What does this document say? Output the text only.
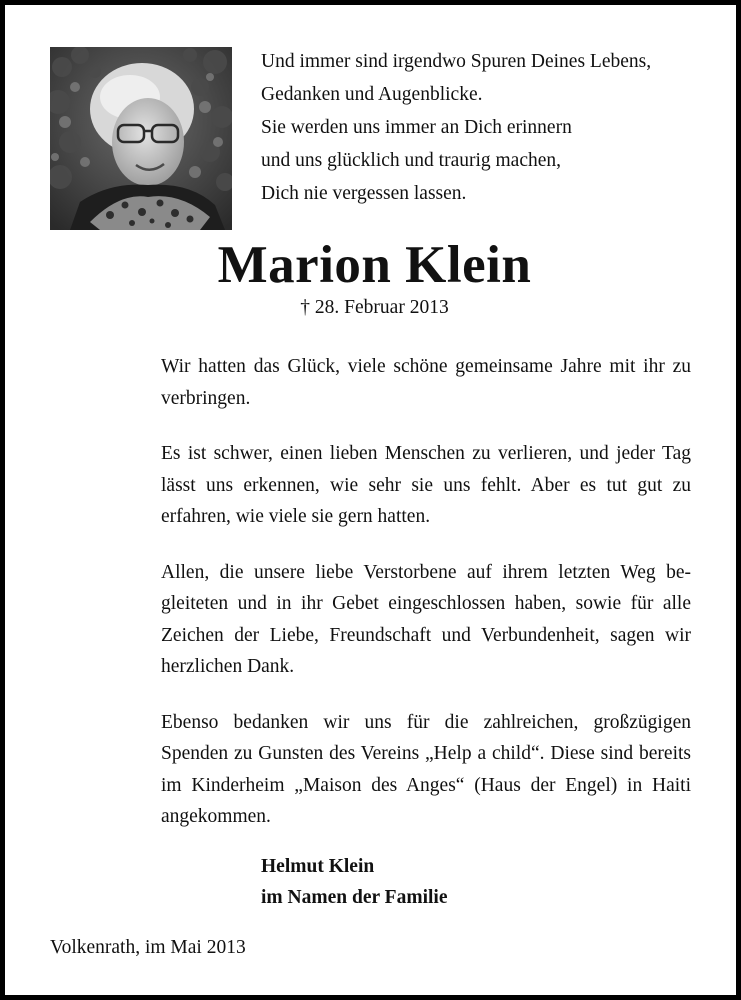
Und immer sind irgendwo Spuren Deines Lebens,
Gedanken und Augenblicke.
Sie werden uns immer an Dich erinnern
und uns glücklich und traurig machen,
Dich nie vergessen lassen.
Marion Klein
† 28. Februar 2013

Wir hatten das Glück, viele schöne gemeinsame Jahre mit ihr zu verbringen.

Es ist schwer, einen lieben Menschen zu verlieren, und jeder Tag lässt uns erkennen, wie sehr sie uns fehlt. Aber es tut gut zu erfahren, wie viele sie gern hatten.

Allen, die unsere liebe Verstorbene auf ihrem letzten Weg begleiteten und in ihr Gebet eingeschlossen haben, sowie für alle Zeichen der Liebe, Freundschaft und Verbundenheit, sagen wir herzlichen Dank.

Ebenso bedanken wir uns für die zahlreichen, großzügigen Spenden zu Gunsten des Vereins „Help a child“. Diese sind bereits im Kinderheim „Maison des Anges“ (Haus der Engel) in Haiti angekommen.

Helmut Klein
im Namen der Familie
Volkenrath, im Mai 2013
